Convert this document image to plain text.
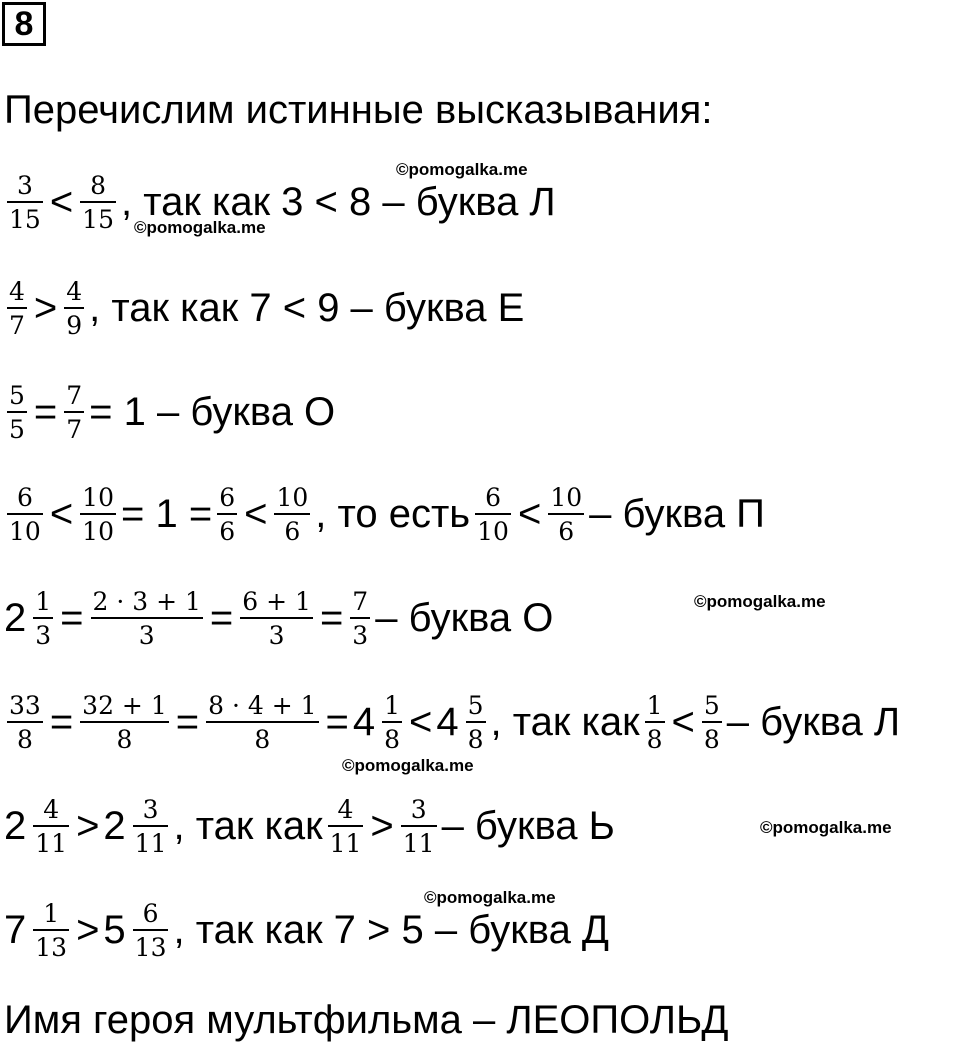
8
Перечислим истинные высказывания:
$\frac{3}{15} < \frac{8}{15}$ , так как 3 < 8 – буква Л
$\frac{4}{7} > \frac{4}{9}$ , так как 7 < 9 – буква Е
$\frac{5}{5} = \frac{7}{7} = 1$ – буква О
$\frac{6}{10} < \frac{10}{10} = 1 = \frac{6}{6} < \frac{10}{6}$ , то есть $\frac{6}{10} < \frac{10}{6}$ – буква П
$2 \frac{1}{3} = \frac{2 \cdot 3 + 1}{3} = \frac{6 + 1}{3} = \frac{7}{3}$ – буква О
$\frac{33}{8} = \frac{32 + 1}{8} = \frac{8 \cdot 4 + 1}{8} = 4 \frac{1}{8} < 4 \frac{5}{8}$ , так как $\frac{1}{8} < \frac{5}{8}$ – буква Л
$2 \frac{4}{11} > 2 \frac{3}{11}$ , так как $\frac{4}{11} > \frac{3}{11}$ – буква Ь
$7 \frac{1}{13} > 5 \frac{6}{13}$ , так как 7 > 5 – буква Д
Имя героя мультфильма – ЛЕОПОЛЬД
©pomogalka.me
©pomogalka.me
©pomogalka.me
©pomogalka.me
©pomogalka.me
©pomogalka.me
